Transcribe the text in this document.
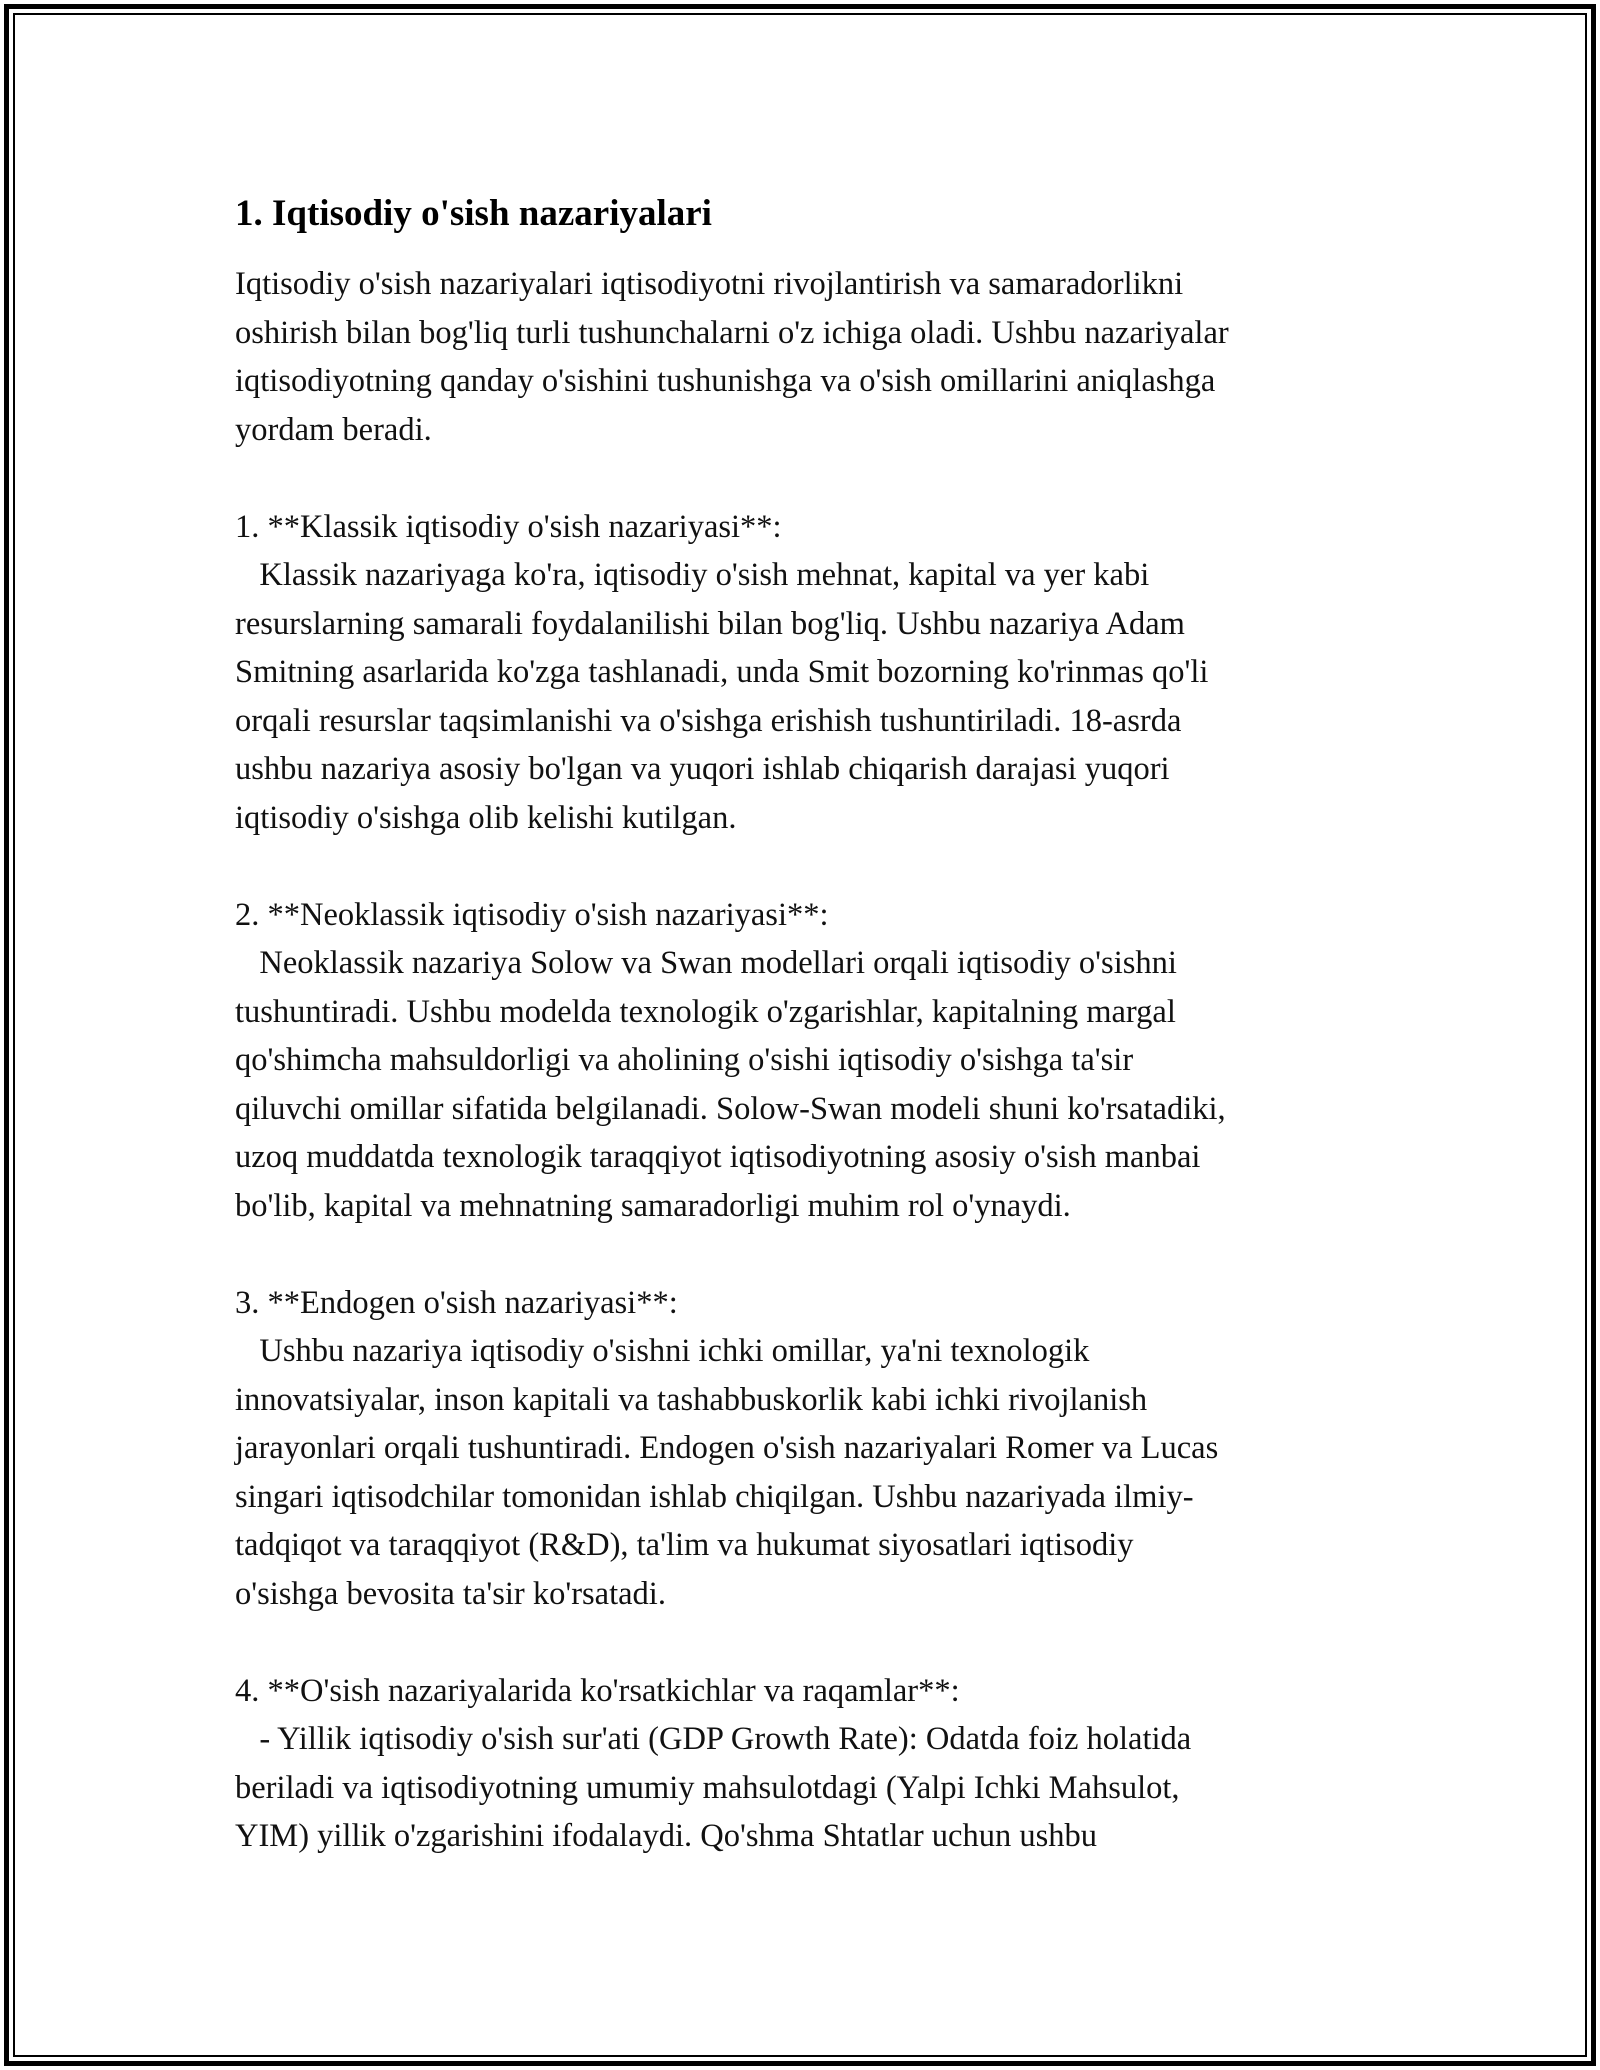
1. Iqtisodiy o'sish nazariyalari

Iqtisodiy o'sish nazariyalari iqtisodiyotni rivojlantirish va samaradorlikni
oshirish bilan bog'liq turli tushunchalarni o'z ichiga oladi. Ushbu nazariyalar
iqtisodiyotning qanday o'sishini tushunishga va o'sish omillarini aniqlashga
yordam beradi.

1. **Klassik iqtisodiy o'sish nazariyasi**:
Klassik nazariyaga ko'ra, iqtisodiy o'sish mehnat, kapital va yer kabi
resurslarning samarali foydalanilishi bilan bog'liq. Ushbu nazariya Adam
Smitning asarlarida ko'zga tashlanadi, unda Smit bozorning ko'rinmas qo'li
orqali resurslar taqsimlanishi va o'sishga erishish tushuntiriladi. 18-asrda
ushbu nazariya asosiy bo'lgan va yuqori ishlab chiqarish darajasi yuqori
iqtisodiy o'sishga olib kelishi kutilgan.

2. **Neoklassik iqtisodiy o'sish nazariyasi**:
Neoklassik nazariya Solow va Swan modellari orqali iqtisodiy o'sishni
tushuntiradi. Ushbu modelda texnologik o'zgarishlar, kapitalning margal
qo'shimcha mahsuldorligi va aholining o'sishi iqtisodiy o'sishga ta'sir
qiluvchi omillar sifatida belgilanadi. Solow-Swan modeli shuni ko'rsatadiki,
uzoq muddatda texnologik taraqqiyot iqtisodiyotning asosiy o'sish manbai
bo'lib, kapital va mehnatning samaradorligi muhim rol o'ynaydi.

3. **Endogen o'sish nazariyasi**:
Ushbu nazariya iqtisodiy o'sishni ichki omillar, ya'ni texnologik
innovatsiyalar, inson kapitali va tashabbuskorlik kabi ichki rivojlanish
jarayonlari orqali tushuntiradi. Endogen o'sish nazariyalari Romer va Lucas
singari iqtisodchilar tomonidan ishlab chiqilgan. Ushbu nazariyada ilmiy-
tadqiqot va taraqqiyot (R&D), ta'lim va hukumat siyosatlari iqtisodiy
o'sishga bevosita ta'sir ko'rsatadi.

4. **O'sish nazariyalarida ko'rsatkichlar va raqamlar**:
- Yillik iqtisodiy o'sish sur'ati (GDP Growth Rate): Odatda foiz holatida
beriladi va iqtisodiyotning umumiy mahsulotdagi (Yalpi Ichki Mahsulot,
YIM) yillik o'zgarishini ifodalaydi. Qo'shma Shtatlar uchun ushbu
